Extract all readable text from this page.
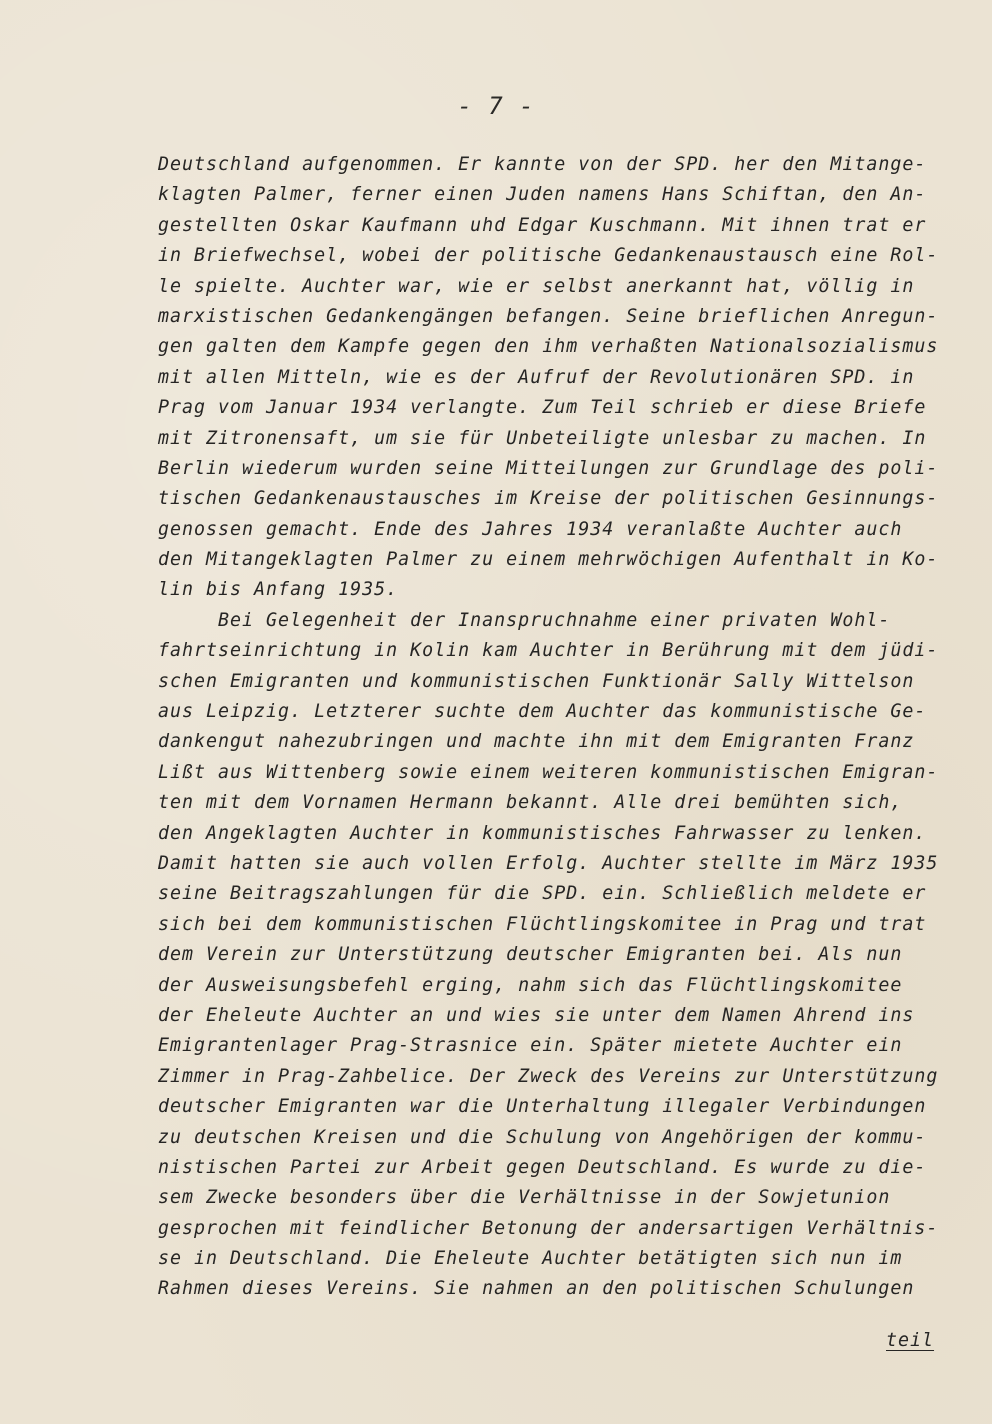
- 7 -
Deutschland aufgenommen. Er kannte von der SPD. her den Mitange-
klagten Palmer, ferner einen Juden namens Hans Schiftan, den An-
gestellten Oskar Kaufmann uhd Edgar Kuschmann. Mit ihnen trat er
in Briefwechsel, wobei der politische Gedankenaustausch eine Rol-
le spielte. Auchter war, wie er selbst anerkannt hat, völlig in
marxistischen Gedankengängen befangen. Seine brieflichen Anregun-
gen galten dem Kampfe gegen den ihm verhaßten Nationalsozialismus
mit allen Mitteln, wie es der Aufruf der Revolutionären SPD. in
Prag vom Januar 1934 verlangte. Zum Teil schrieb er diese Briefe
mit Zitronensaft, um sie für Unbeteiligte unlesbar zu machen. In
Berlin wiederum wurden seine Mitteilungen zur Grundlage des poli-
tischen Gedankenaustausches im Kreise der politischen Gesinnungs-
genossen gemacht. Ende des Jahres 1934 veranlaßte Auchter auch
den Mitangeklagten Palmer zu einem mehrwöchigen Aufenthalt in Ko-
lin bis Anfang 1935.
Bei Gelegenheit der Inanspruchnahme einer privaten Wohl-
fahrtseinrichtung in Kolin kam Auchter in Berührung mit dem jüdi-
schen Emigranten und kommunistischen Funktionär Sally Wittelson
aus Leipzig. Letzterer suchte dem Auchter das kommunistische Ge-
dankengut nahezubringen und machte ihn mit dem Emigranten Franz
Lißt aus Wittenberg sowie einem weiteren kommunistischen Emigran-
ten mit dem Vornamen Hermann bekannt. Alle drei bemühten sich,
den Angeklagten Auchter in kommunistisches Fahrwasser zu lenken.
Damit hatten sie auch vollen Erfolg. Auchter stellte im März 1935
seine Beitragszahlungen für die SPD. ein. Schließlich meldete er
sich bei dem kommunistischen Flüchtlingskomitee in Prag und trat
dem Verein zur Unterstützung deutscher Emigranten bei. Als nun
der Ausweisungsbefehl erging, nahm sich das Flüchtlingskomitee
der Eheleute Auchter an und wies sie unter dem Namen Ahrend ins
Emigrantenlager Prag-Strasnice ein. Später mietete Auchter ein
Zimmer in Prag-Zahbelice. Der Zweck des Vereins zur Unterstützung
deutscher Emigranten war die Unterhaltung illegaler Verbindungen
zu deutschen Kreisen und die Schulung von Angehörigen der kommu-
nistischen Partei zur Arbeit gegen Deutschland. Es wurde zu die-
sem Zwecke besonders über die Verhältnisse in der Sowjetunion
gesprochen mit feindlicher Betonung der andersartigen Verhältnis-
se in Deutschland. Die Eheleute Auchter betätigten sich nun im
Rahmen dieses Vereins. Sie nahmen an den politischen Schulungen
teil
